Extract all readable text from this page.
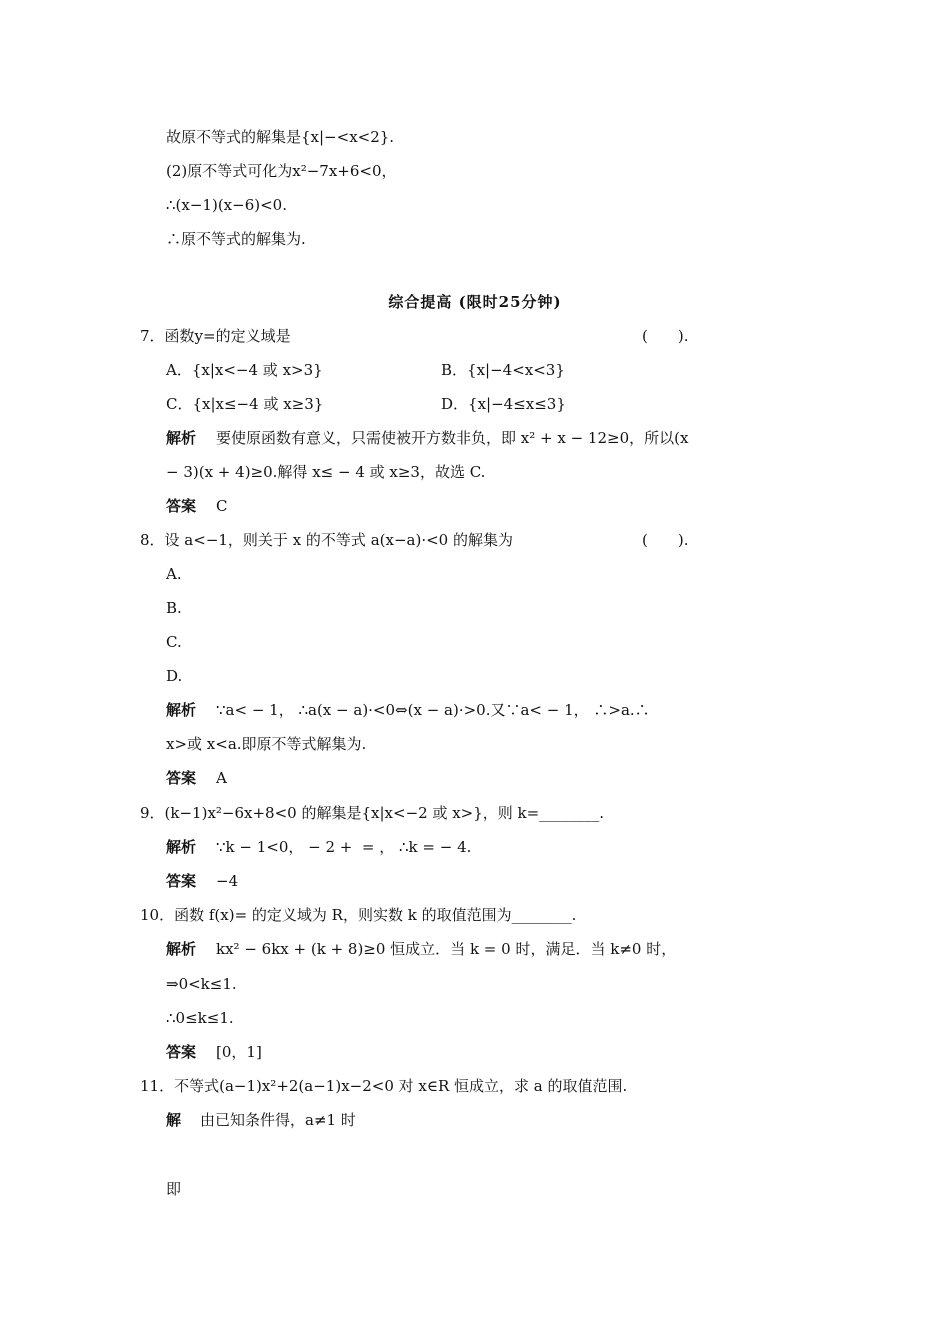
故原不等式的解集是{x|−<x<2}.
(2)原不等式可化为x²−7x+6<0，
∴(x−1)(x−6)<0.
∴原不等式的解集为.
综合提高 (限时25分钟)
7．函数y=的定义域是	(　　).
A．{x|x<−4 或 x>3}	B．{x|−4<x<3}
C．{x|x≤−4 或 x≥3}	D．{x|−4≤x≤3}
解析 要使原函数有意义，只需使被开方数非负，即 x² + x − 12≥0，所以(x
− 3)(x + 4)≥0.解得 x≤ − 4 或 x≥3，故选 C.
答案 C
8．设 a<−1，则关于 x 的不等式 a(x−a)·<0 的解集为	(　　).
A.
B.
C.
D.
解析 ∵a< − 1， ∴a(x − a)·<0⇔(x − a)·>0.又∵a< − 1， ∴>a.∴
x>或 x<a.即原不等式解集为.
答案 A
9．(k−1)x²−6x+8<0 的解集是{x|x<−2 或 x>}，则 k=________.
解析 ∵k − 1<0， − 2 +  = ， ∴k = − 4.
答案 −4
10．函数 f(x)= 的定义域为 R，则实数 k 的取值范围为________.
解析 kx² − 6kx + (k + 8)≥0 恒成立．当 k = 0 时，满足．当 k≠0 时，
⇒0<k≤1.
∴0≤k≤1.
答案 [0，1]
11．不等式(a−1)x²+2(a−1)x−2<0 对 x∈R 恒成立，求 a 的取值范围.
解 由已知条件得，a≠1 时
即
